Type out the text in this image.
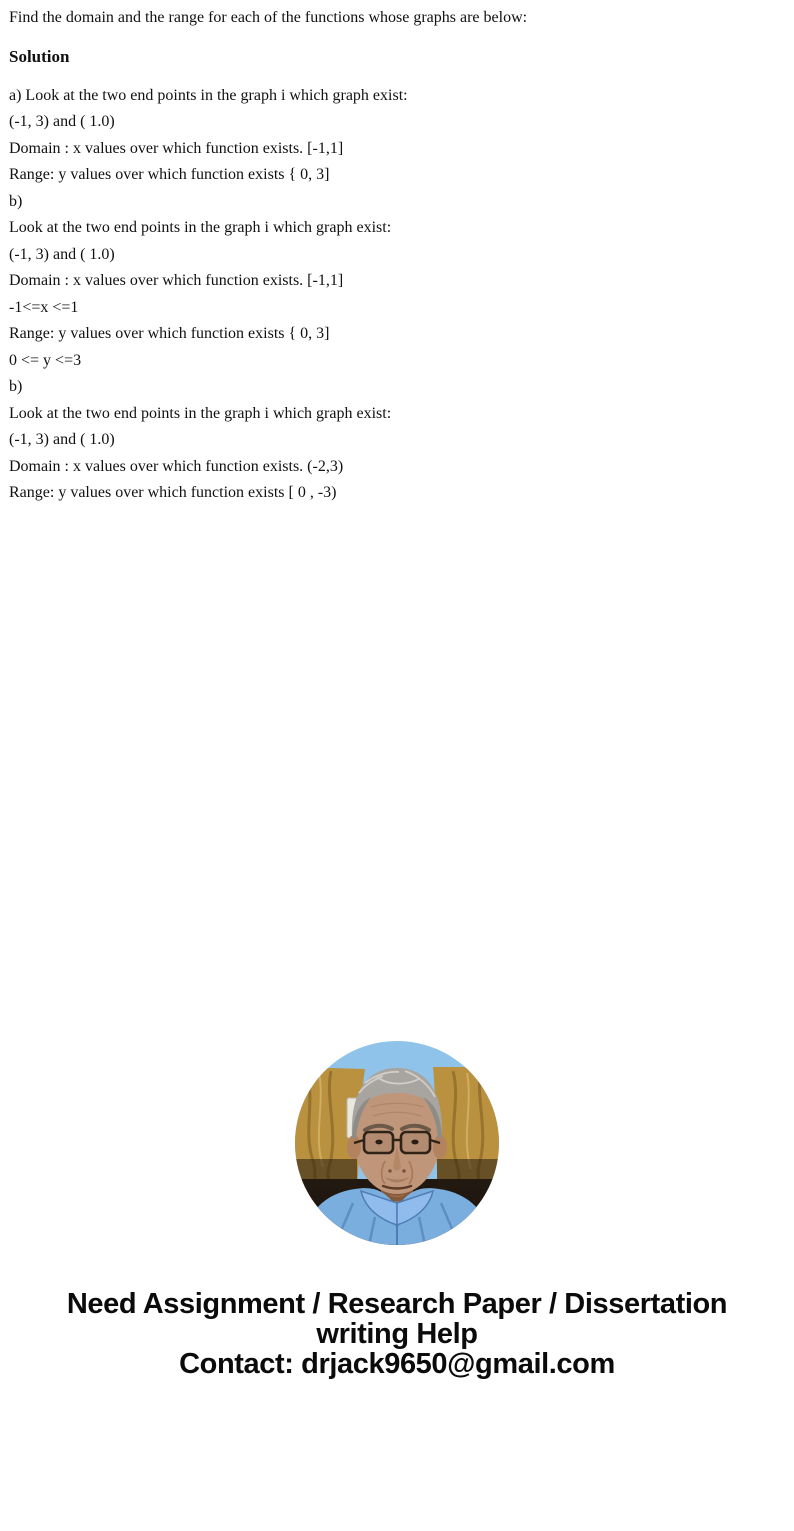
Find the domain and the range for each of the functions whose graphs are below:

Solution

a) Look at the two end points in the graph i which graph exist:

(-1, 3) and ( 1.0)

Domain : x values over which function exists. [-1,1]

Range: y values over which function exists { 0, 3]

b)

Look at the two end points in the graph i which graph exist:

(-1, 3) and ( 1.0)

Domain : x values over which function exists. [-1,1]

-1<=x <=1

Range: y values over which function exists { 0, 3]

0 <= y <=3

b)

Look at the two end points in the graph i which graph exist:

(-1, 3) and ( 1.0)

Domain : x values over which function exists. (-2,3)

Range: y values over which function exists [ 0 , -3)

Need Assignment / Research Paper / Dissertation writing Help
Contact: drjack9650@gmail.com
